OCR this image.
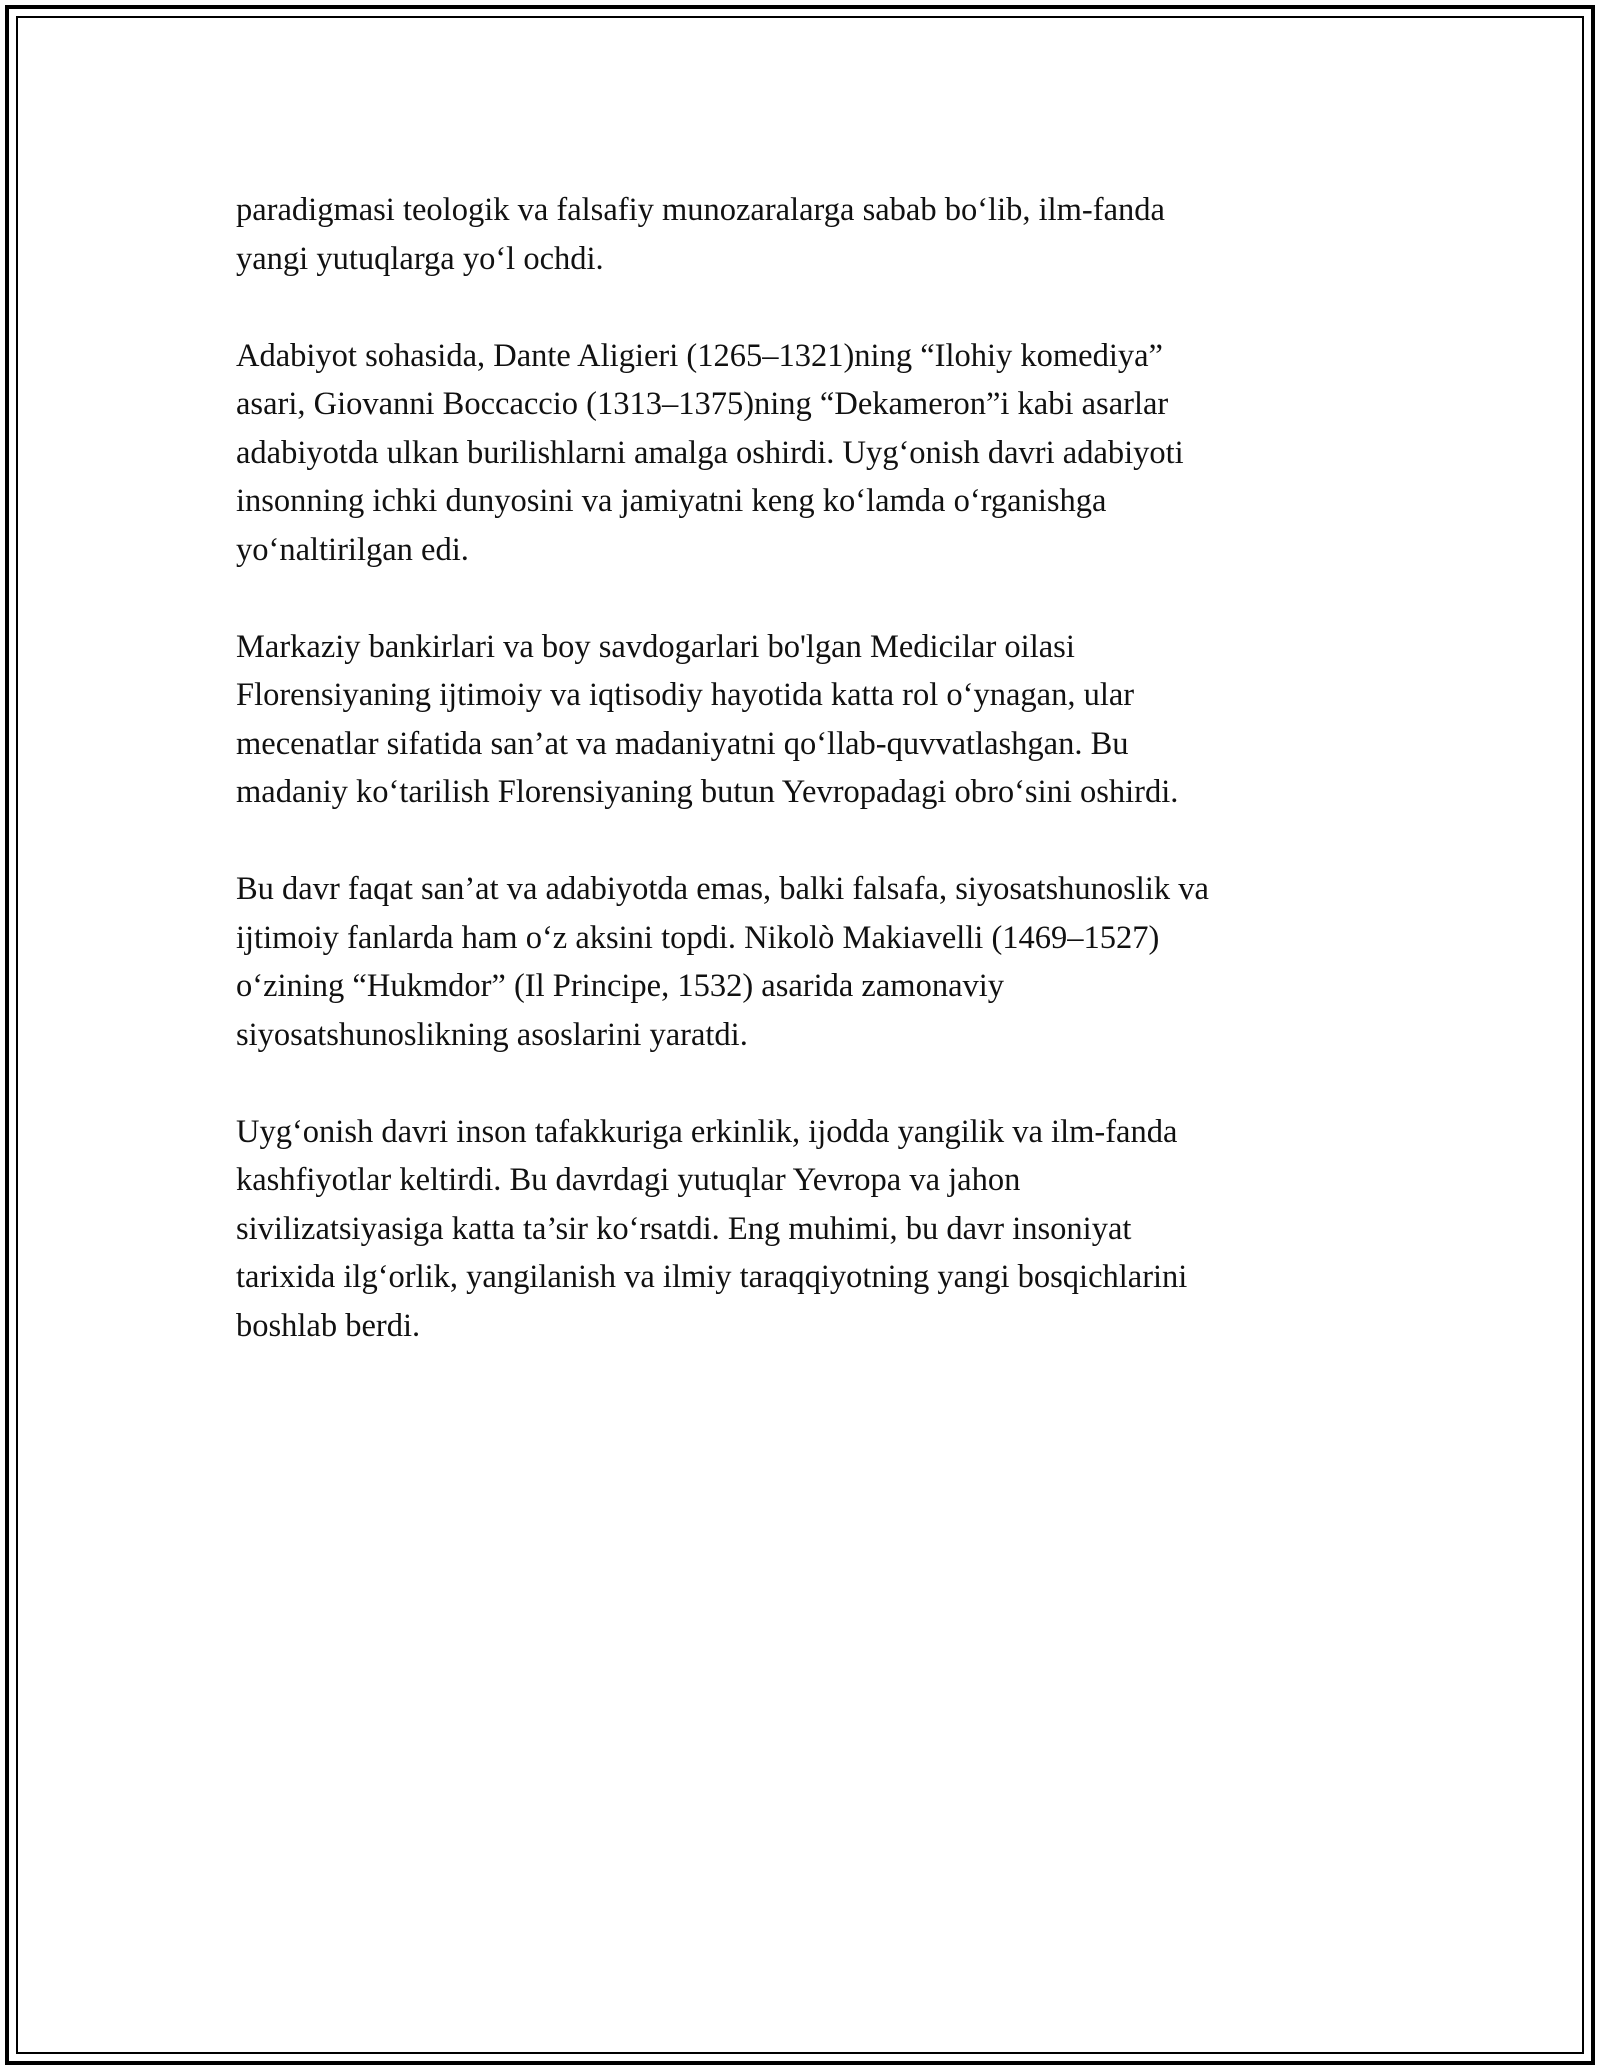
paradigmasi teologik va falsafiy munozaralarga sabab bo‘lib, ilm-fanda
yangi yutuqlarga yo‘l ochdi.

Adabiyot sohasida, Dante Aligieri (1265–1321)ning “Ilohiy komediya”
asari, Giovanni Boccaccio (1313–1375)ning “Dekameron”i kabi asarlar
adabiyotda ulkan burilishlarni amalga oshirdi. Uyg‘onish davri adabiyoti
insonning ichki dunyosini va jamiyatni keng ko‘lamda o‘rganishga
yo‘naltirilgan edi.

Markaziy bankirlari va boy savdogarlari bo'lgan Medicilar oilasi
Florensiyaning ijtimoiy va iqtisodiy hayotida katta rol o‘ynagan, ular
mecenatlar sifatida san’at va madaniyatni qo‘llab-quvvatlashgan. Bu
madaniy ko‘tarilish Florensiyaning butun Yevropadagi obro‘sini oshirdi.

Bu davr faqat san’at va adabiyotda emas, balki falsafa, siyosatshunoslik va
ijtimoiy fanlarda ham o‘z aksini topdi. Nikolò Makiavelli (1469–1527)
o‘zining “Hukmdor” (Il Principe, 1532) asarida zamonaviy
siyosatshunoslikning asoslarini yaratdi.

Uyg‘onish davri inson tafakkuriga erkinlik, ijodda yangilik va ilm-fanda
kashfiyotlar keltirdi. Bu davrdagi yutuqlar Yevropa va jahon
sivilizatsiyasiga katta ta’sir ko‘rsatdi. Eng muhimi, bu davr insoniyat
tarixida ilg‘orlik, yangilanish va ilmiy taraqqiyotning yangi bosqichlarini
boshlab berdi.
